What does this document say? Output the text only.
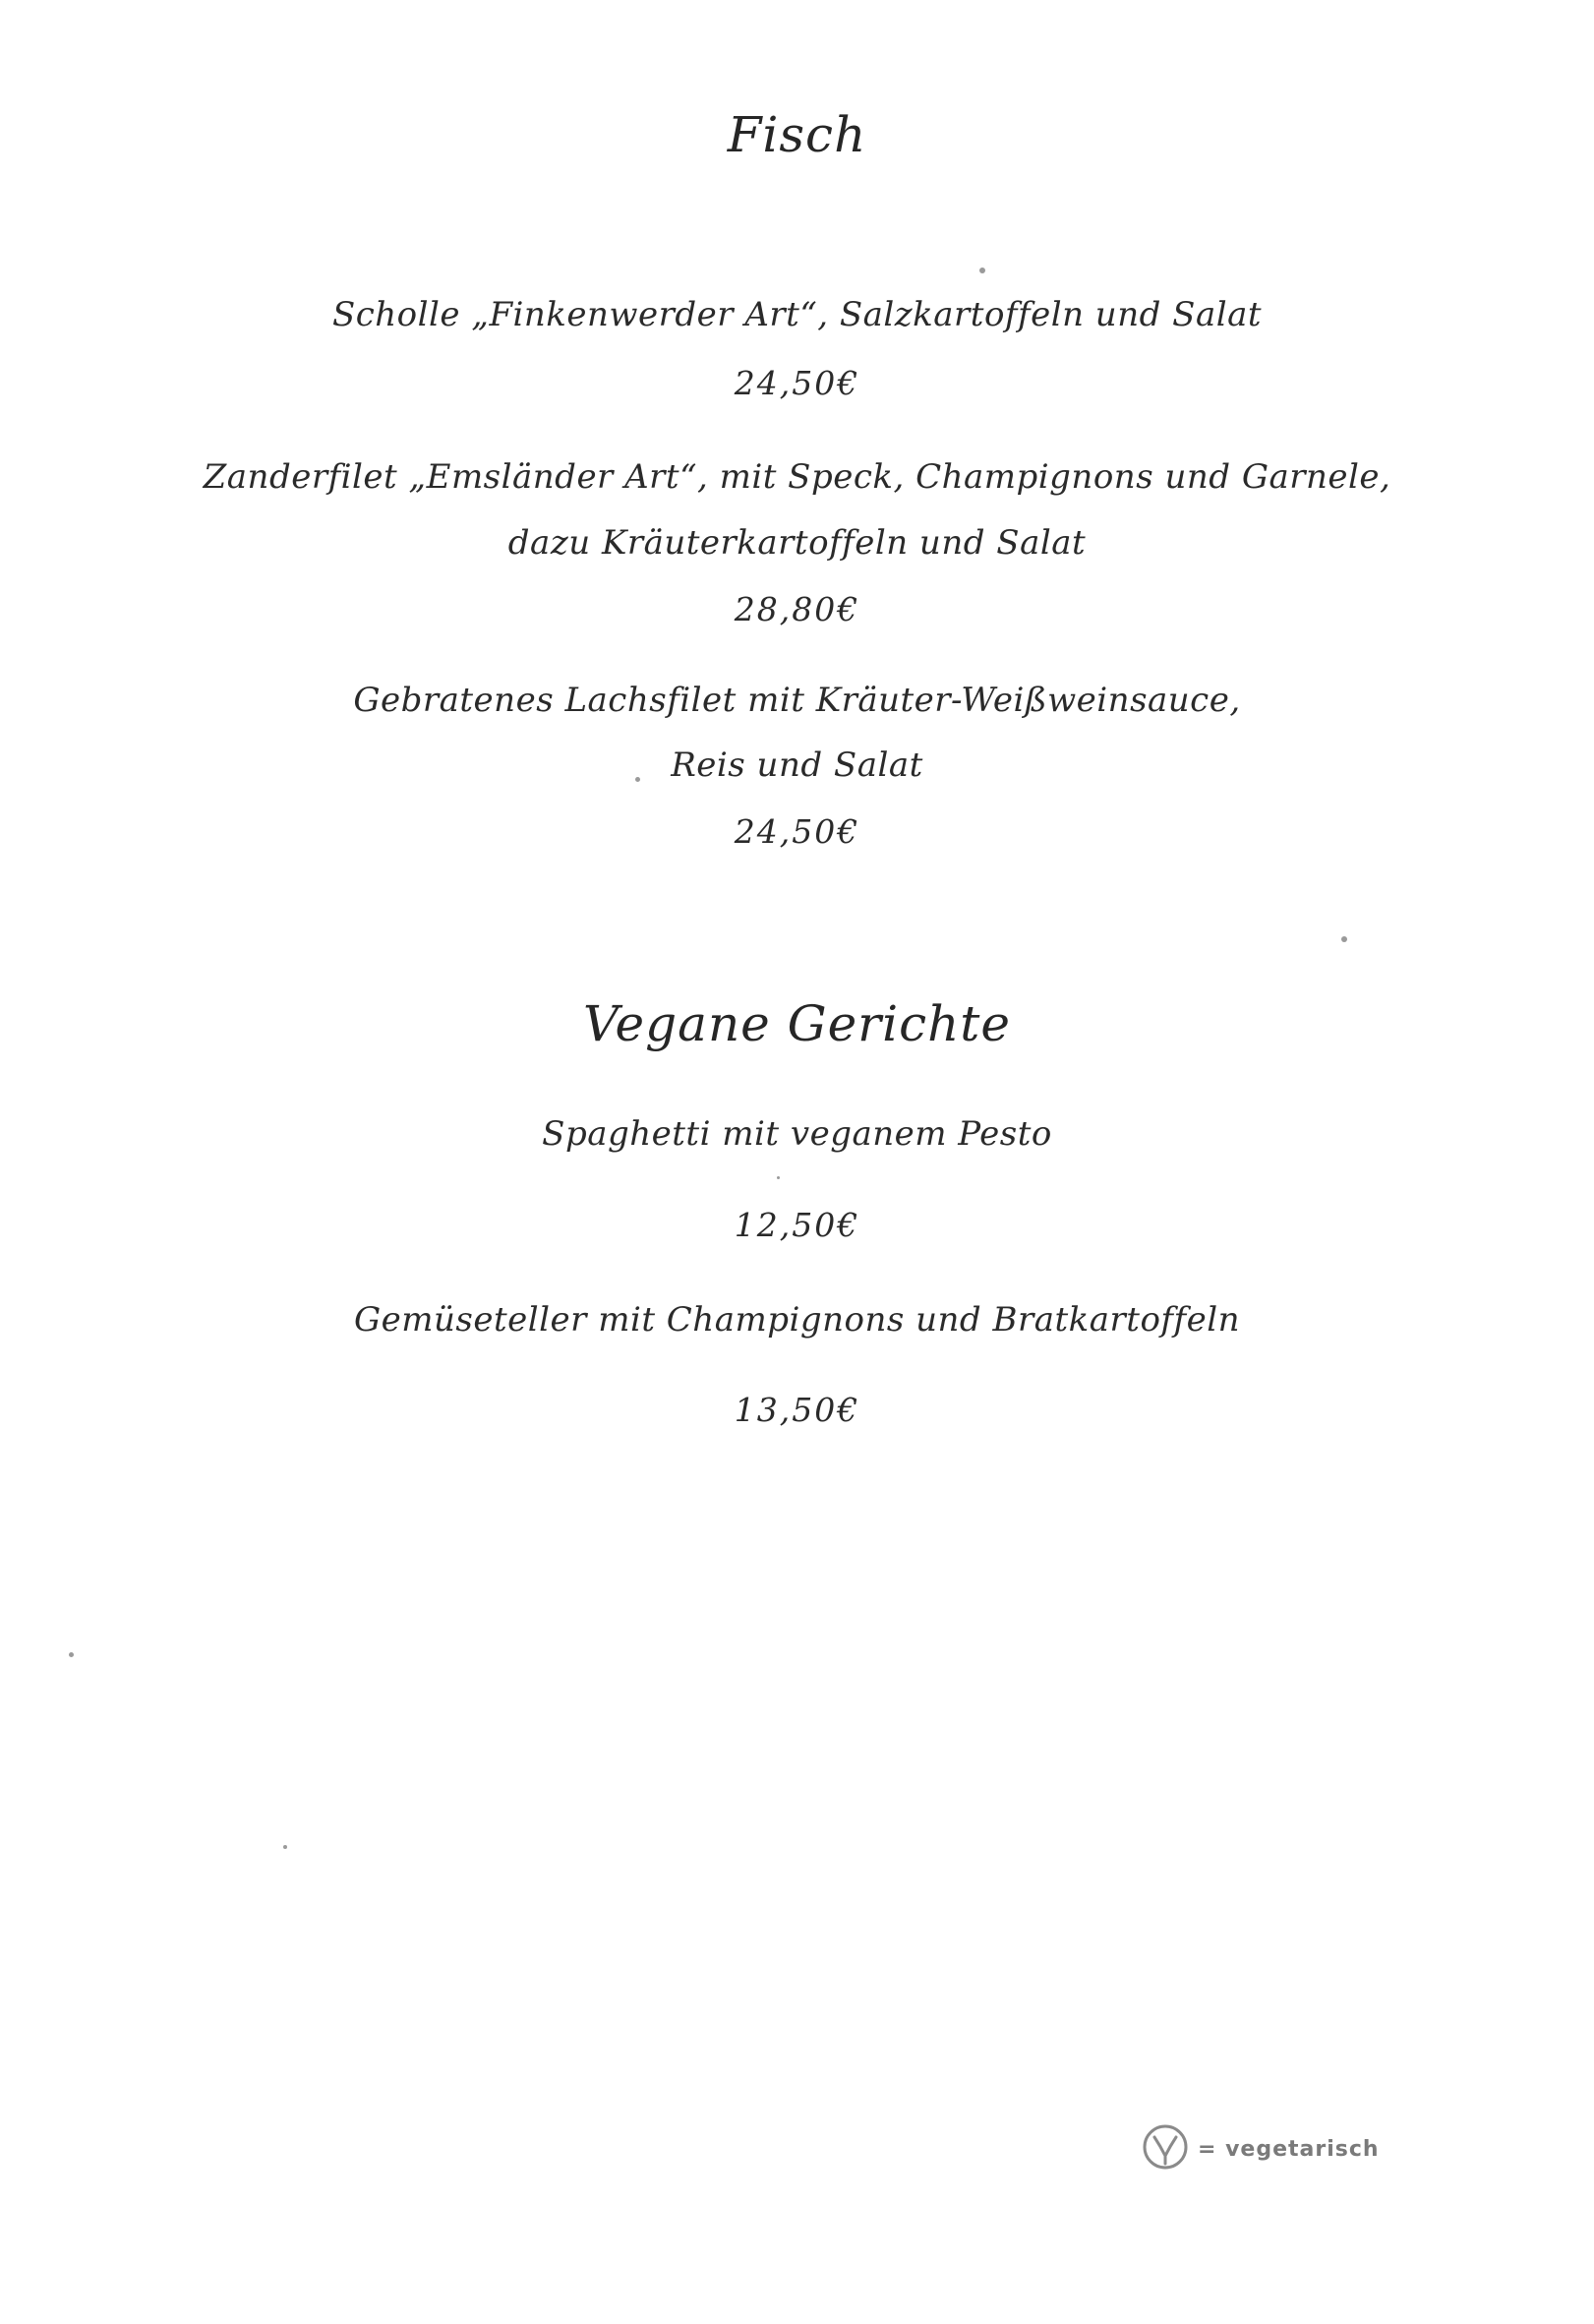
Fisch
Scholle „Finkenwerder Art“, Salzkartoffeln und Salat
24,50€
Zanderfilet „Emsländer Art“, mit Speck, Champignons und Garnele,
dazu Kräuterkartoffeln und Salat
28,80€
Gebratenes Lachsfilet mit Kräuter-Weißweinsauce,
Reis und Salat
24,50€
Vegane Gerichte
Spaghetti mit veganem Pesto
12,50€
Gemüseteller mit Champignons und Bratkartoffeln
13,50€
= vegetarisch
